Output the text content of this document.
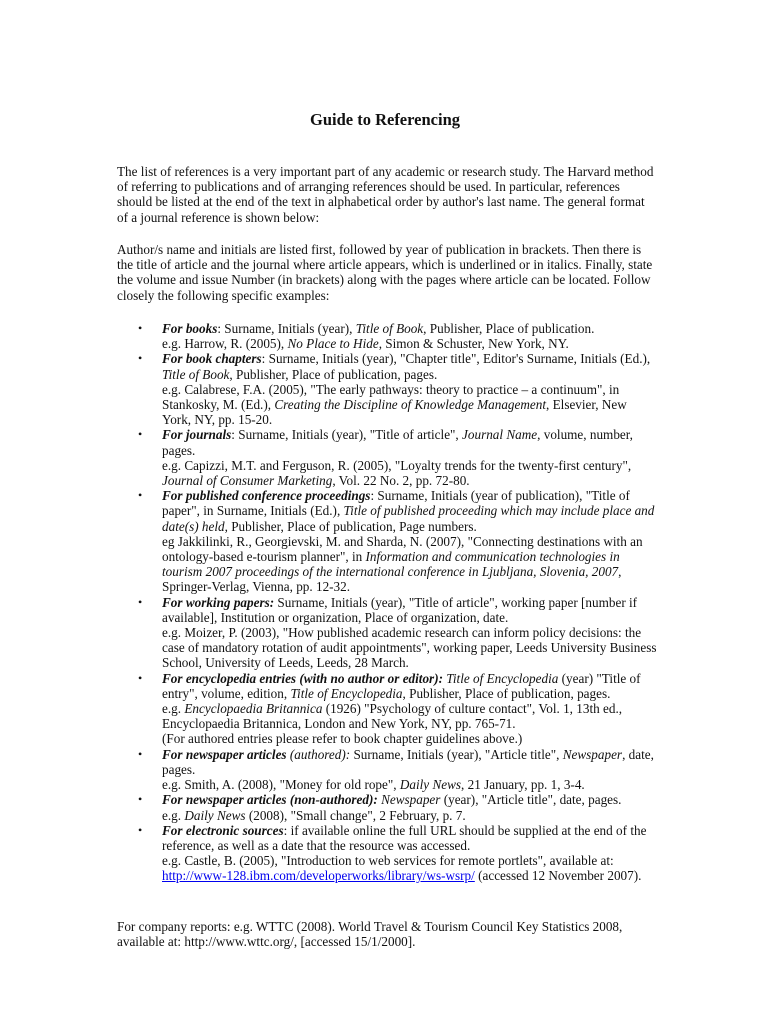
Guide to Referencing

The list of references is a very important part of any academic or research study. The Harvard method of referring to publications and of arranging references should be used. In particular, references should be listed at the end of the text in alphabetical order by author's last name. The general format of a journal reference is shown below:

Author/s name and initials are listed first, followed by year of publication in brackets. Then there is the title of article and the journal where article appears, which is underlined or in italics. Finally, state the volume and issue Number (in brackets) along with the pages where article can be located. Follow closely the following specific examples:

• For books: Surname, Initials (year), Title of Book, Publisher, Place of publication.
e.g. Harrow, R. (2005), No Place to Hide, Simon & Schuster, New York, NY.
• For book chapters: Surname, Initials (year), "Chapter title", Editor's Surname, Initials (Ed.), Title of Book, Publisher, Place of publication, pages.
e.g. Calabrese, F.A. (2005), "The early pathways: theory to practice – a continuum", in Stankosky, M. (Ed.), Creating the Discipline of Knowledge Management, Elsevier, New York, NY, pp. 15-20.
• For journals: Surname, Initials (year), "Title of article", Journal Name, volume, number, pages.
e.g. Capizzi, M.T. and Ferguson, R. (2005), "Loyalty trends for the twenty-first century", Journal of Consumer Marketing, Vol. 22 No. 2, pp. 72-80.
• For published conference proceedings: Surname, Initials (year of publication), "Title of paper", in Surname, Initials (Ed.), Title of published proceeding which may include place and date(s) held, Publisher, Place of publication, Page numbers.
eg Jakkilinki, R., Georgievski, M. and Sharda, N. (2007), "Connecting destinations with an ontology-based e-tourism planner", in Information and communication technologies in tourism 2007 proceedings of the international conference in Ljubljana, Slovenia, 2007, Springer-Verlag, Vienna, pp. 12-32.
• For working papers: Surname, Initials (year), "Title of article", working paper [number if available], Institution or organization, Place of organization, date.
e.g. Moizer, P. (2003), "How published academic research can inform policy decisions: the case of mandatory rotation of audit appointments", working paper, Leeds University Business School, University of Leeds, Leeds, 28 March.
• For encyclopedia entries (with no author or editor): Title of Encyclopedia (year) "Title of entry", volume, edition, Title of Encyclopedia, Publisher, Place of publication, pages.
e.g. Encyclopaedia Britannica (1926) "Psychology of culture contact", Vol. 1, 13th ed., Encyclopaedia Britannica, London and New York, NY, pp. 765-71.
(For authored entries please refer to book chapter guidelines above.)
• For newspaper articles (authored): Surname, Initials (year), "Article title", Newspaper, date, pages.
e.g. Smith, A. (2008), "Money for old rope", Daily News, 21 January, pp. 1, 3-4.
• For newspaper articles (non-authored): Newspaper (year), "Article title", date, pages.
e.g. Daily News (2008), "Small change", 2 February, p. 7.
• For electronic sources: if available online the full URL should be supplied at the end of the reference, as well as a date that the resource was accessed.
e.g. Castle, B. (2005), "Introduction to web services for remote portlets", available at:
http://www-128.ibm.com/developerworks/library/ws-wsrp/ (accessed 12 November 2007).

For company reports: e.g. WTTC (2008). World Travel & Tourism Council Key Statistics 2008, available at: http://www.wttc.org/, [accessed 15/1/2000].
